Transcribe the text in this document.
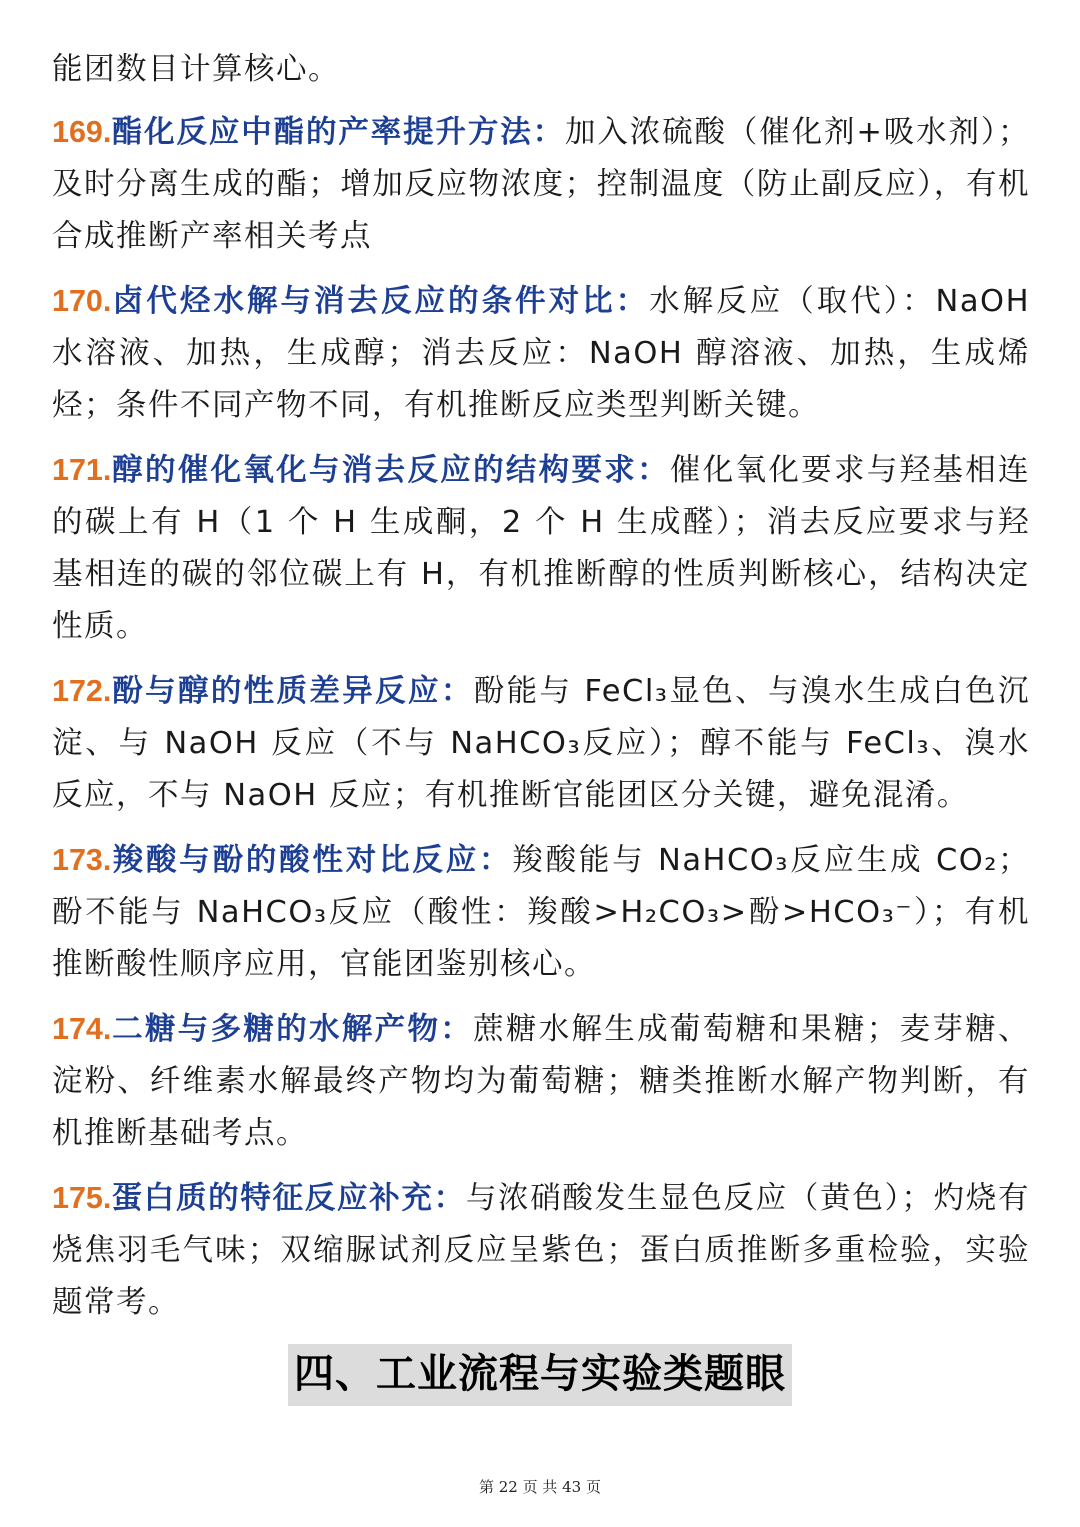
能团数目计算核心。

169.酯化反应中酯的产率提升方法：加入浓硫酸（催化剂+吸水剂）；及时分离生成的酯；增加反应物浓度；控制温度（防止副反应），有机合成推断产率相关考点

170.卤代烃水解与消去反应的条件对比：水解反应（取代）：NaOH 水溶液、加热，生成醇；消去反应：NaOH 醇溶液、加热，生成烯烃；条件不同产物不同，有机推断反应类型判断关键。

171.醇的催化氧化与消去反应的结构要求：催化氧化要求与羟基相连的碳上有 H（1 个 H 生成酮，2 个 H 生成醛）；消去反应要求与羟基相连的碳的邻位碳上有 H，有机推断醇的性质判断核心，结构决定性质。

172.酚与醇的性质差异反应：酚能与 FeCl₃显色、与溴水生成白色沉淀、与 NaOH 反应（不与 NaHCO₃反应）；醇不能与 FeCl₃、溴水反应，不与 NaOH 反应；有机推断官能团区分关键，避免混淆。

173.羧酸与酚的酸性对比反应：羧酸能与 NaHCO₃反应生成 CO₂；酚不能与 NaHCO₃反应（酸性：羧酸>H₂CO₃>酚>HCO₃⁻）；有机推断酸性顺序应用，官能团鉴别核心。

174.二糖与多糖的水解产物：蔗糖水解生成葡萄糖和果糖；麦芽糖、淀粉、纤维素水解最终产物均为葡萄糖；糖类推断水解产物判断，有机推断基础考点。

175.蛋白质的特征反应补充：与浓硝酸发生显色反应（黄色）；灼烧有烧焦羽毛气味；双缩脲试剂反应呈紫色；蛋白质推断多重检验，实验题常考。

四、工业流程与实验类题眼
第 22 页 共 43 页
